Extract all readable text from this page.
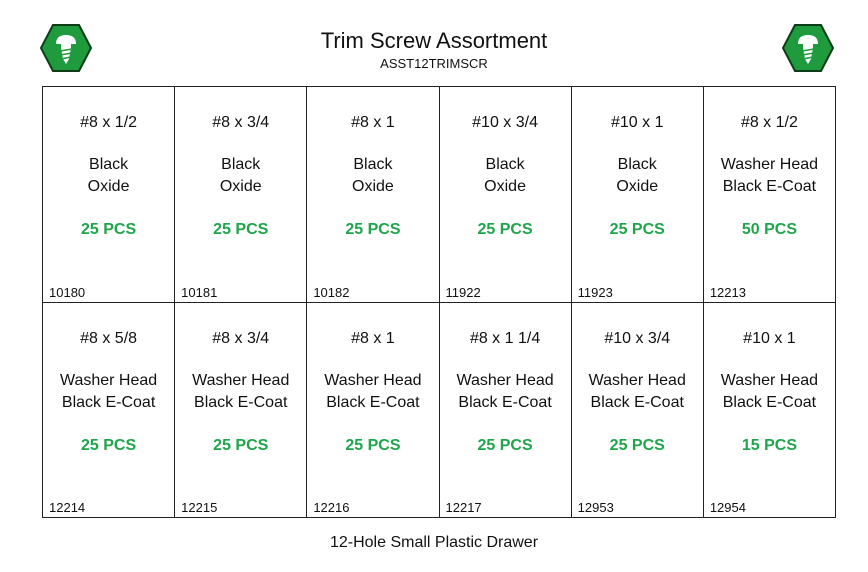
Trim Screw Assortment
ASST12TRIMSCR
#8 x 1/2
Black
Oxide
25 PCS
10180
#8 x 3/4
Black
Oxide
25 PCS
10181
#8 x 1
Black
Oxide
25 PCS
10182
#10 x 3/4
Black
Oxide
25 PCS
11922
#10 x 1
Black
Oxide
25 PCS
11923
#8 x 1/2
Washer Head
Black E-Coat
50 PCS
12213
#8 x 5/8
Washer Head
Black E-Coat
25 PCS
12214
#8 x 3/4
Washer Head
Black E-Coat
25 PCS
12215
#8 x 1
Washer Head
Black E-Coat
25 PCS
12216
#8 x 1 1/4
Washer Head
Black E-Coat
25 PCS
12217
#10 x 3/4
Washer Head
Black E-Coat
25 PCS
12953
#10 x 1
Washer Head
Black E-Coat
15 PCS
12954
12-Hole Small Plastic Drawer
